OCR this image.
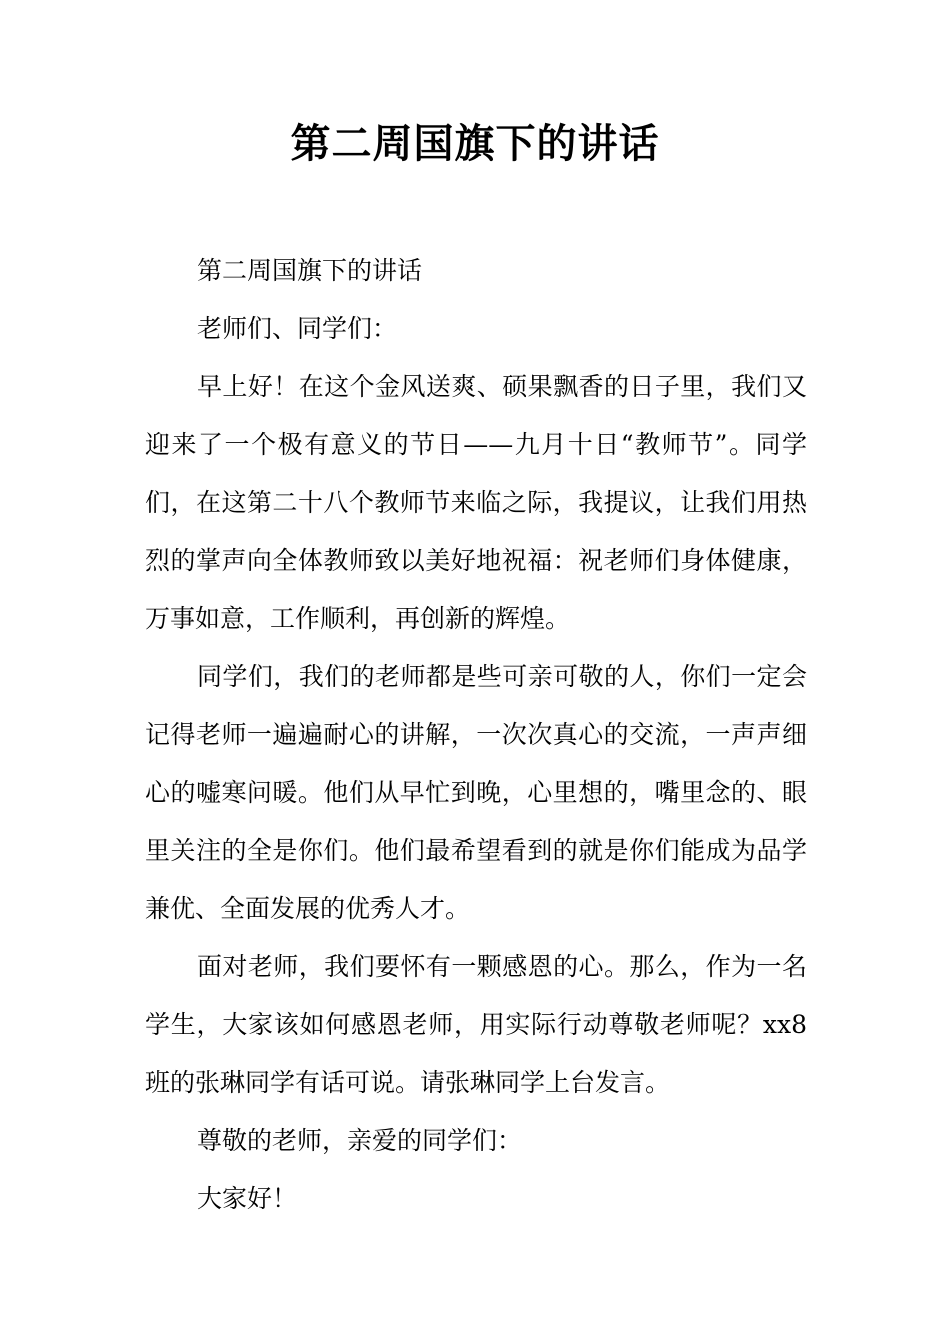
第二周国旗下的讲话

第二周国旗下的讲话

老师们、同学们：

早上好！在这个金风送爽、硕果飘香的日子里，我们又迎来了一个极有意义的节日——九月十日“教师节”。同学们，在这第二十八个教师节来临之际，我提议，让我们用热烈的掌声向全体教师致以美好地祝福：祝老师们身体健康，万事如意，工作顺利，再创新的辉煌。

同学们，我们的老师都是些可亲可敬的人，你们一定会记得老师一遍遍耐心的讲解，一次次真心的交流，一声声细心的嘘寒问暖。他们从早忙到晚，心里想的，嘴里念的、眼里关注的全是你们。他们最希望看到的就是你们能成为品学兼优、全面发展的优秀人才。

面对老师，我们要怀有一颗感恩的心。那么，作为一名学生，大家该如何感恩老师，用实际行动尊敬老师呢？xx8班的张琳同学有话可说。请张琳同学上台发言。

尊敬的老师，亲爱的同学们：

大家好！
